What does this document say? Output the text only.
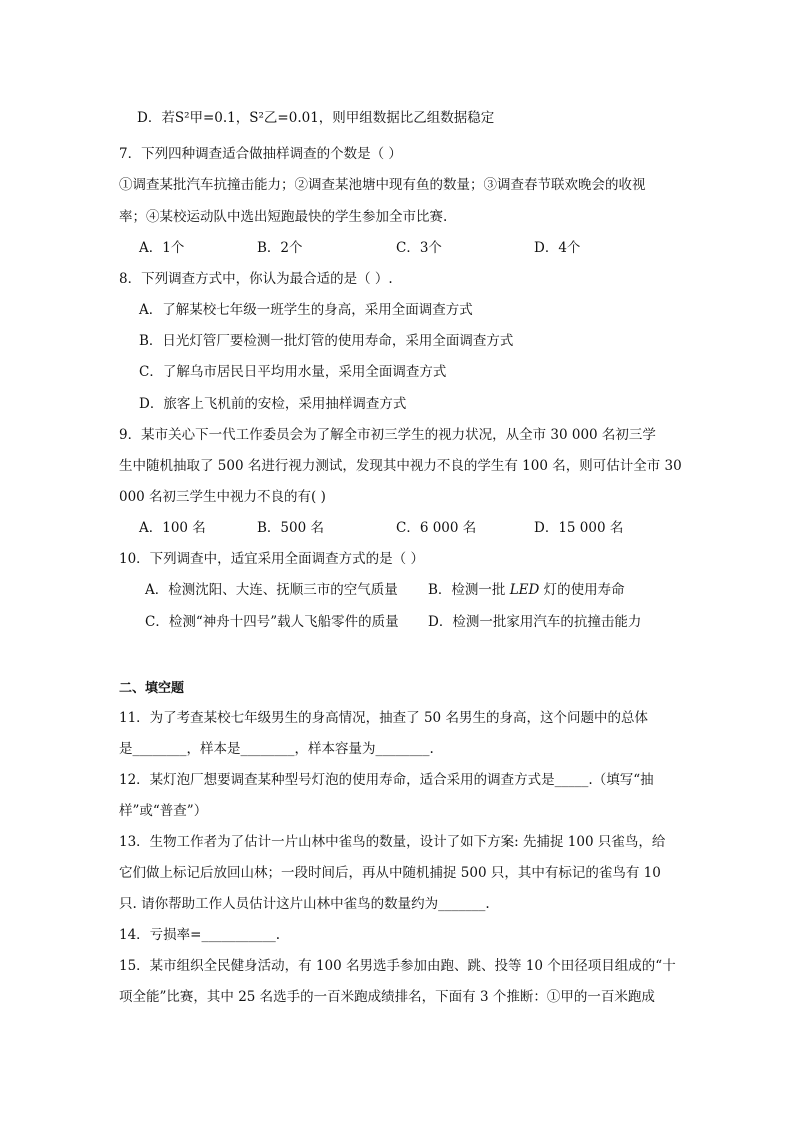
D．若S²甲=0.1，S²乙=0.01，则甲组数据比乙组数据稳定
7．下列四种调查适合做抽样调查的个数是（ ）
①调查某批汽车抗撞击能力；②调查某池塘中现有鱼的数量；③调查春节联欢晚会的收视
率；④某校运动队中选出短跑最快的学生参加全市比赛.
A．1个	B．2个	C．3个	D．4个
8．下列调查方式中，你认为最合适的是（ ）.
A．了解某校七年级一班学生的身高，采用全面调查方式
B．日光灯管厂要检测一批灯管的使用寿命，采用全面调查方式
C．了解乌市居民日平均用水量，采用全面调查方式
D．旅客上飞机前的安检，采用抽样调查方式
9．某市关心下一代工作委员会为了解全市初三学生的视力状况，从全市 30 000 名初三学
生中随机抽取了 500 名进行视力测试，发现其中视力不良的学生有 100 名，则可估计全市 30
000 名初三学生中视力不良的有( )
A．100 名	B．500 名	C．6 000 名	D．15 000 名
10．下列调查中，适宜采用全面调查方式的是（ ）
A．检测沈阳、大连、抚顺三市的空气质量 B．检测一批 LED 灯的使用寿命
C．检测“神舟十四号”载人飞船零件的质量 D．检测一批家用汽车的抗撞击能力
二、填空题
11．为了考查某校七年级男生的身高情况，抽查了 50 名男生的身高，这个问题中的总体
是________，样本是________，样本容量为________.
12．某灯泡厂想要调查某种型号灯泡的使用寿命，适合采用的调查方式是_____.（填写“抽
样”或“普查”）
13．生物工作者为了估计一片山林中雀鸟的数量，设计了如下方案: 先捕捉 100 只雀鸟，给
它们做上标记后放回山林；一段时间后，再从中随机捕捉 500 只，其中有标记的雀鸟有 10
只. 请你帮助工作人员估计这片山林中雀鸟的数量约为_______.
14．亏损率=___________.
15．某市组织全民健身活动，有 100 名男选手参加由跑、跳、投等 10 个田径项目组成的“十
项全能”比赛，其中 25 名选手的一百米跑成绩排名，下面有 3 个推断：①甲的一百米跑成
